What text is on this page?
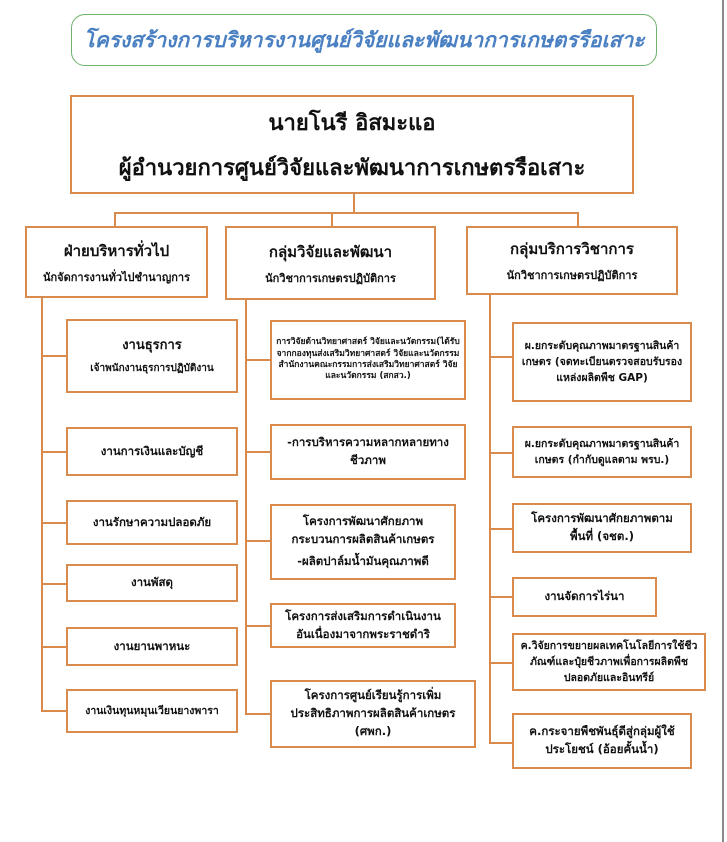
โครงสร้างการบริหารงานศูนย์วิจัยและพัฒนาการเกษตรรือเสาะ
นายโนรี อิสมะแอ
ผู้อำนวยการศูนย์วิจัยและพัฒนาการเกษตรรือเสาะ
ฝ่ายบริหารทั่วไป
นักจัดการงานทั่วไปชำนาญการ
กลุ่มวิจัยและพัฒนา
นักวิชาการเกษตรปฏิบัติการ
กลุ่มบริการวิชาการ
นักวิชาการเกษตรปฏิบัติการ
งานธุรการ
เจ้าพนักงานธุรการปฏิบัติงาน
งานการเงินและบัญชี
งานรักษาความปลอดภัย
งานพัสดุ
งานยานพาหนะ
งานเงินทุนหมุนเวียนยางพารา
การวิจัยด้านวิทยาศาสตร์ วิจัยและนวัตกรรม(ได้รับจากกองทุนส่งเสริมวิทยาศาสตร์ วิจัยและนวัตกรรม สำนักงานคณะกรรมการส่งเสริมวิทยาศาสตร์ วิจัยและนวัตกรรม (สกสว.)
-การบริหารความหลากหลายทางชีวภาพ
โครงการพัฒนาศักยภาพกระบวนการผลิตสินค้าเกษตร
-ผลิตปาล์มน้ำมันคุณภาพดี
โครงการส่งเสริมการดำเนินงานอันเนื่องมาจากพระราชดำริ
โครงการศูนย์เรียนรู้การเพิ่มประสิทธิภาพการผลิตสินค้าเกษตร (ศพก.)
ผ.ยกระดับคุณภาพมาตรฐานสินค้าเกษตร (จดทะเบียนตรวจสอบรับรองแหล่งผลิตพืช GAP)
ผ.ยกระดับคุณภาพมาตรฐานสินค้าเกษตร (กำกับดูแลตาม พรบ.)
โครงการพัฒนาศักยภาพตามพื้นที่ (จชต.)
งานจัดการไร่นา
ค.วิจัยการขยายผลเทคโนโลยีการใช้ชีวภัณฑ์และปุ๋ยชีวภาพเพื่อการผลิตพืชปลอดภัยและอินทรีย์
ค.กระจายพืชพันธุ์ดีสู่กลุ่มผู้ใช้ประโยชน์ (อ้อยคั้นน้ำ)
